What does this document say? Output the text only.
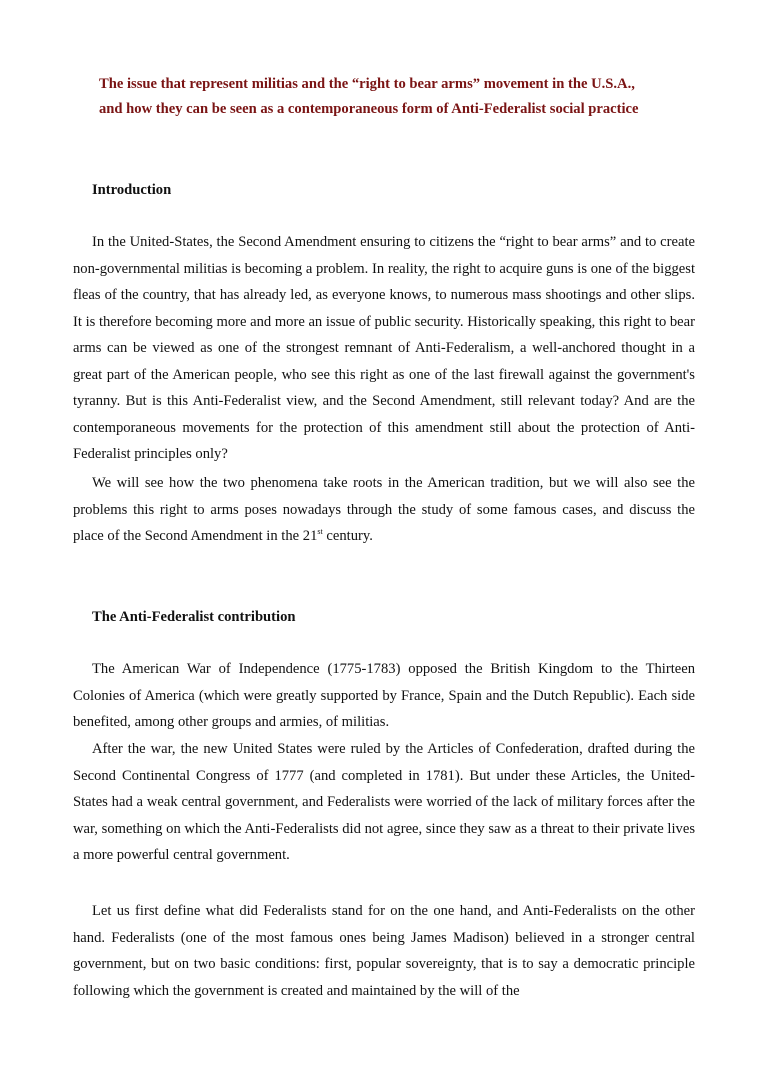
The issue that represent militias and the “right to bear arms” movement in the U.S.A.,
and how they can be seen as a contemporaneous form of Anti-Federalist social practice
Introduction

In the United-States, the Second Amendment ensuring to citizens the “right to bear arms” and to create non-governmental militias is becoming a problem. In reality, the right to acquire guns is one of the biggest fleas of the country, that has already led, as everyone knows, to numerous mass shootings and other slips. It is therefore becoming more and more an issue of public security. Historically speaking, this right to bear arms can be viewed as one of the strongest remnant of Anti-Federalism, a well-anchored thought in a great part of the American people, who see this right as one of the last firewall against the government's tyranny. But is this Anti-Federalist view, and the Second Amendment, still relevant today? And are the contemporaneous movements for the protection of this amendment still about the protection of Anti-Federalist principles only?

We will see how the two phenomena take roots in the American tradition, but we will also see the problems this right to arms poses nowadays through the study of some famous cases, and discuss the place of the Second Amendment in the 21st century.

The Anti-Federalist contribution

The American War of Independence (1775-1783) opposed the British Kingdom to the Thirteen Colonies of America (which were greatly supported by France, Spain and the Dutch Republic). Each side benefited, among other groups and armies, of militias.

After the war, the new United States were ruled by the Articles of Confederation, drafted during the Second Continental Congress of 1777 (and completed in 1781). But under these Articles, the United-States had a weak central government, and Federalists were worried of the lack of military forces after the war, something on which the Anti-Federalists did not agree, since they saw as a threat to their private lives a more powerful central government.

Let us first define what did Federalists stand for on the one hand, and Anti-Federalists on the other hand. Federalists (one of the most famous ones being James Madison) believed in a stronger central government, but on two basic conditions: first, popular sovereignty, that is to say a democratic principle following which the government is created and maintained by the will of the
